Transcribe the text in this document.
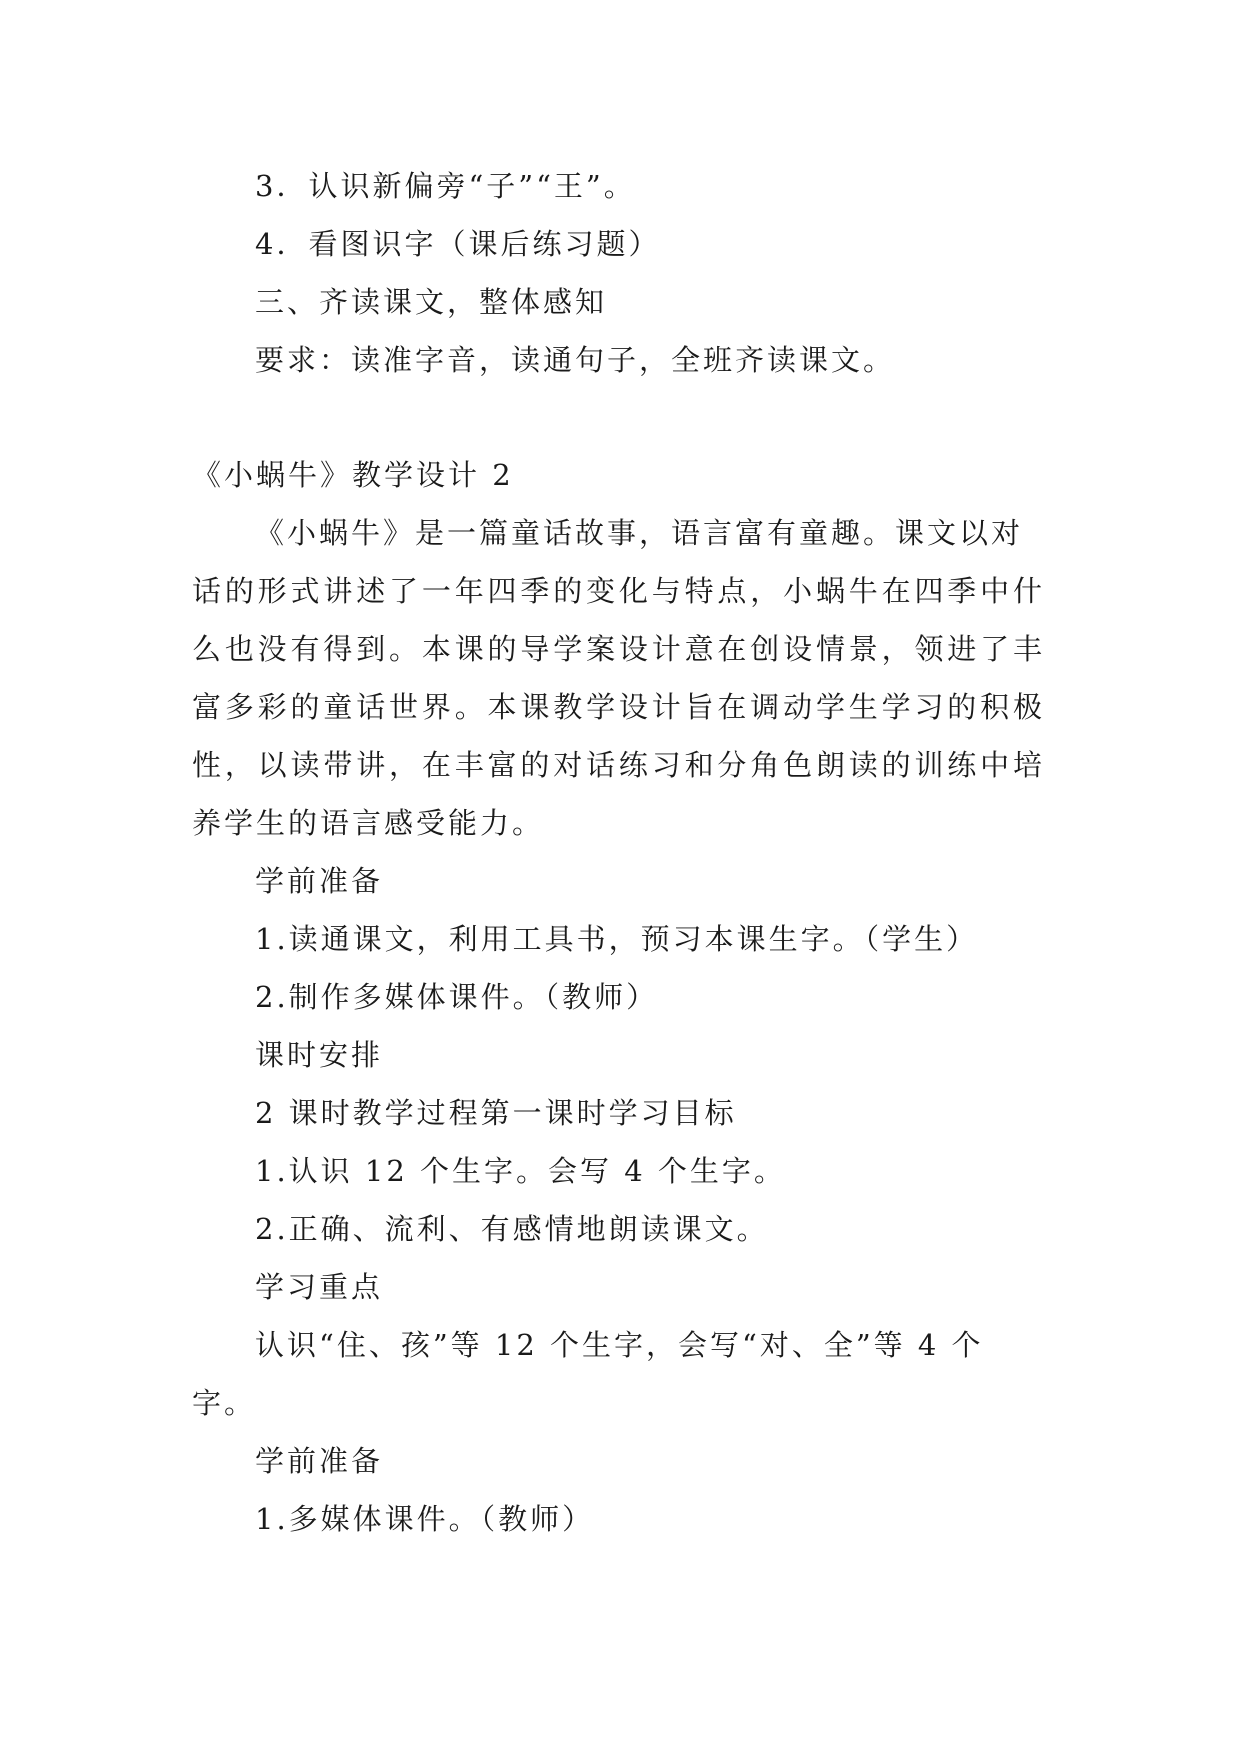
3．认识新偏旁“子”“王”。
4．看图识字（课后练习题）
三、齐读课文，整体感知
要求：读准字音，读通句子，全班齐读课文。
《小蜗牛》教学设计 2
《小蜗牛》是一篇童话故事，语言富有童趣。课文以对
话的形式讲述了一年四季的变化与特点，小蜗牛在四季中什
么也没有得到。本课的导学案设计意在创设情景，领进了丰
富多彩的童话世界。本课教学设计旨在调动学生学习的积极
性，以读带讲，在丰富的对话练习和分角色朗读的训练中培
养学生的语言感受能力。
学前准备
1.读通课文，利用工具书，预习本课生字。（学生）
2.制作多媒体课件。（教师）
课时安排
2 课时教学过程第一课时学习目标
1.认识 12 个生字。会写 4 个生字。
2.正确、流利、有感情地朗读课文。
学习重点
认识“住、孩”等 12 个生字，会写“对、全”等 4 个
字。
学前准备
1.多媒体课件。（教师）
